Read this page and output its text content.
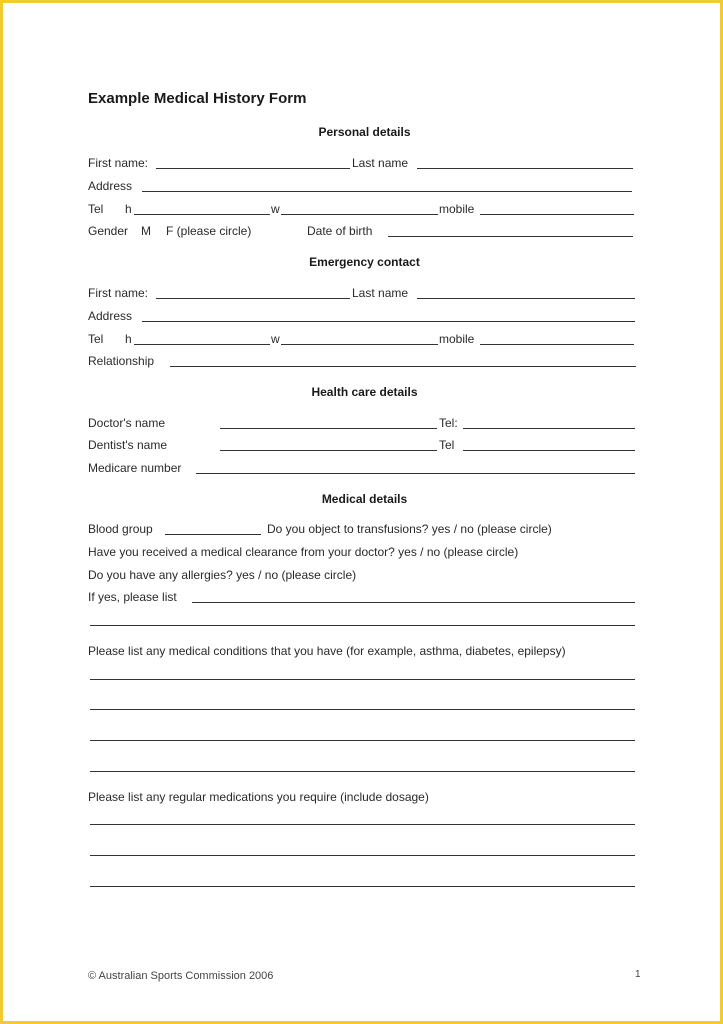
Example Medical History Form
Personal details
First name:	Last name
Address
Tel h	w	mobile
Gender M F (please circle)	Date of birth
Emergency contact
First name:	Last name
Address
Tel h	w	mobile
Relationship
Health care details
Doctor's name	Tel:
Dentist's name	Tel
Medicare number
Medical details
Blood group	Do you object to transfusions? yes / no (please circle)
Have you received a medical clearance from your doctor? yes / no (please circle)
Do you have any allergies? yes / no (please circle)
If yes, please list
Please list any medical conditions that you have (for example, asthma, diabetes, epilepsy)
Please list any regular medications you require (include dosage)
© Australian Sports Commission 2006	1
